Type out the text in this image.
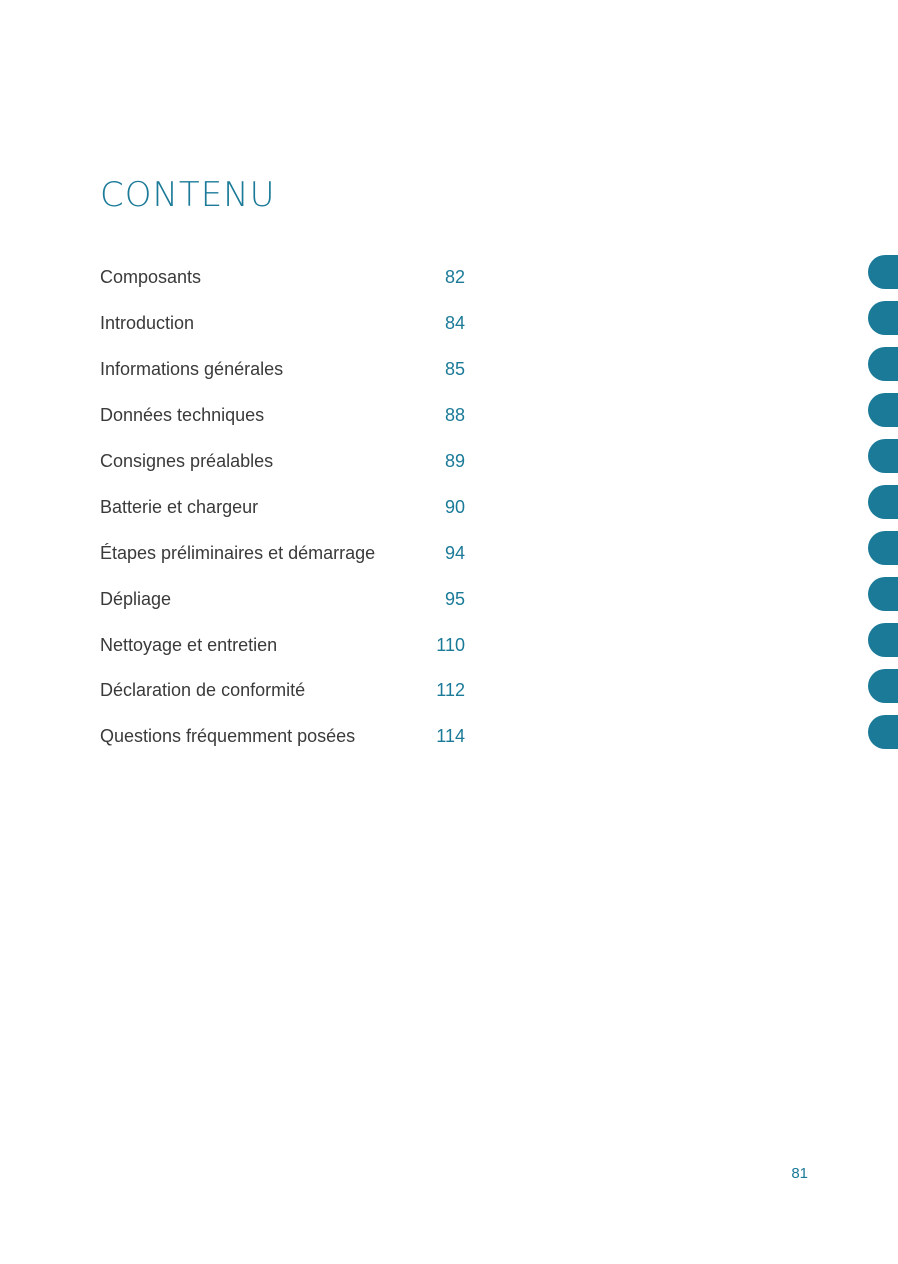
CONTENU
Composants	82
Introduction	84
Informations générales	85
Données techniques	88
Consignes préalables	89
Batterie et chargeur	90
Étapes préliminaires et démarrage	94
Dépliage	95
Nettoyage et entretien	110
Déclaration de conformité	112
Questions fréquemment posées	114
81
